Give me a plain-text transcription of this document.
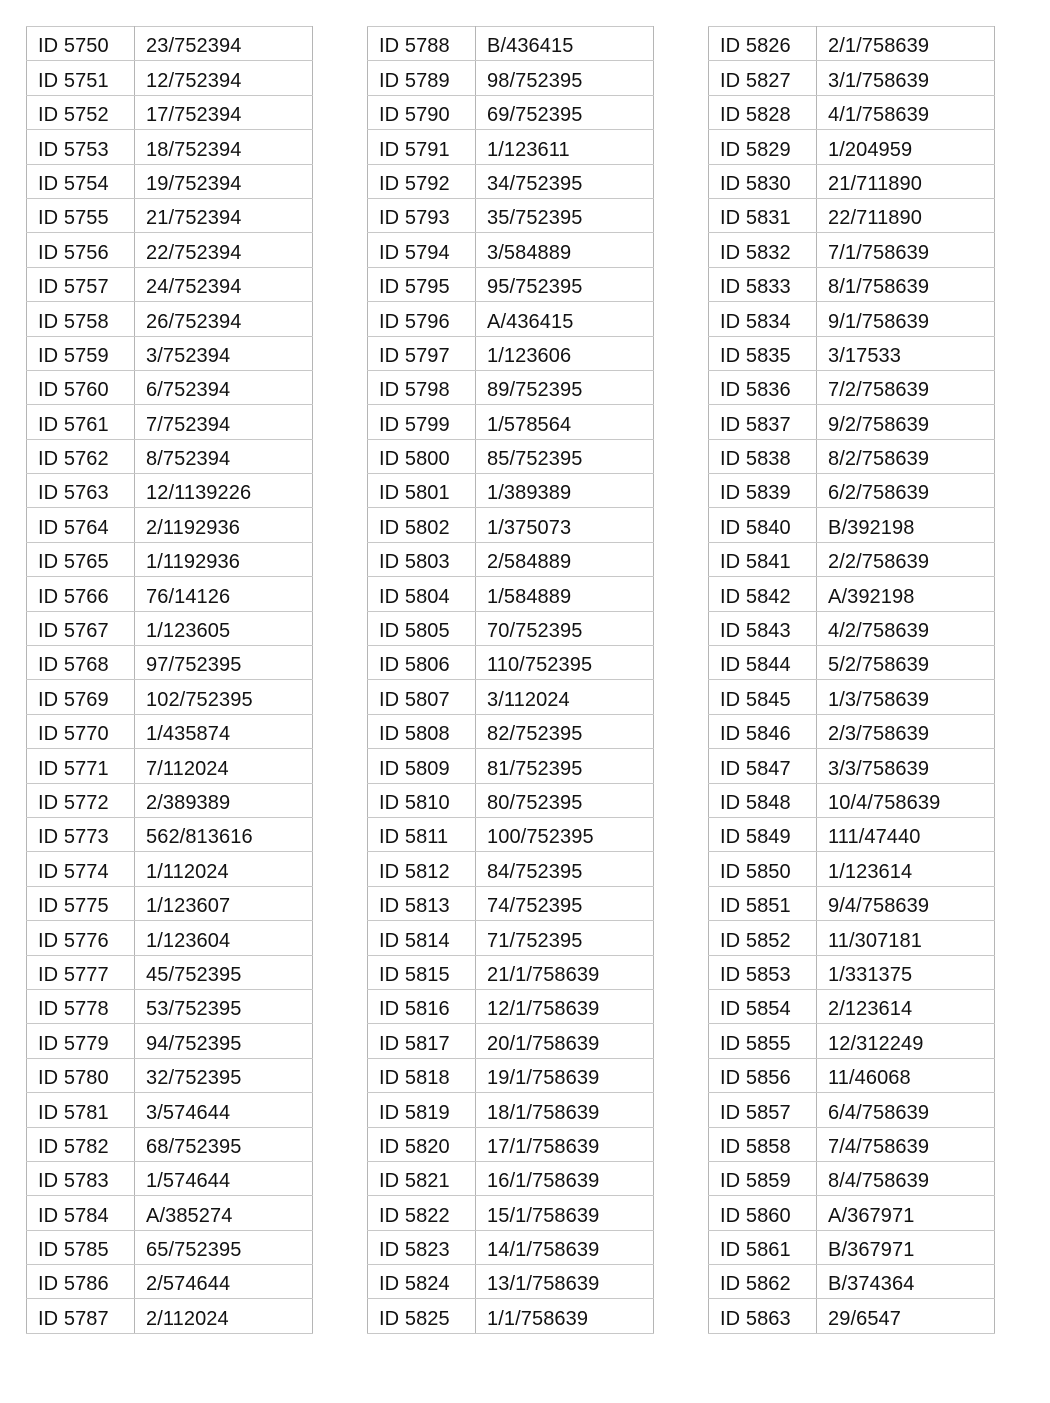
ID 5750	23/752394
ID 5751	12/752394
ID 5752	17/752394
ID 5753	18/752394
ID 5754	19/752394
ID 5755	21/752394
ID 5756	22/752394
ID 5757	24/752394
ID 5758	26/752394
ID 5759	3/752394
ID 5760	6/752394
ID 5761	7/752394
ID 5762	8/752394
ID 5763	12/1139226
ID 5764	2/1192936
ID 5765	1/1192936
ID 5766	76/14126
ID 5767	1/123605
ID 5768	97/752395
ID 5769	102/752395
ID 5770	1/435874
ID 5771	7/112024
ID 5772	2/389389
ID 5773	562/813616
ID 5774	1/112024
ID 5775	1/123607
ID 5776	1/123604
ID 5777	45/752395
ID 5778	53/752395
ID 5779	94/752395
ID 5780	32/752395
ID 5781	3/574644
ID 5782	68/752395
ID 5783	1/574644
ID 5784	A/385274
ID 5785	65/752395
ID 5786	2/574644
ID 5787	2/112024
ID 5788	B/436415
ID 5789	98/752395
ID 5790	69/752395
ID 5791	1/123611
ID 5792	34/752395
ID 5793	35/752395
ID 5794	3/584889
ID 5795	95/752395
ID 5796	A/436415
ID 5797	1/123606
ID 5798	89/752395
ID 5799	1/578564
ID 5800	85/752395
ID 5801	1/389389
ID 5802	1/375073
ID 5803	2/584889
ID 5804	1/584889
ID 5805	70/752395
ID 5806	110/752395
ID 5807	3/112024
ID 5808	82/752395
ID 5809	81/752395
ID 5810	80/752395
ID 5811	100/752395
ID 5812	84/752395
ID 5813	74/752395
ID 5814	71/752395
ID 5815	21/1/758639
ID 5816	12/1/758639
ID 5817	20/1/758639
ID 5818	19/1/758639
ID 5819	18/1/758639
ID 5820	17/1/758639
ID 5821	16/1/758639
ID 5822	15/1/758639
ID 5823	14/1/758639
ID 5824	13/1/758639
ID 5825	1/1/758639
ID 5826	2/1/758639
ID 5827	3/1/758639
ID 5828	4/1/758639
ID 5829	1/204959
ID 5830	21/711890
ID 5831	22/711890
ID 5832	7/1/758639
ID 5833	8/1/758639
ID 5834	9/1/758639
ID 5835	3/17533
ID 5836	7/2/758639
ID 5837	9/2/758639
ID 5838	8/2/758639
ID 5839	6/2/758639
ID 5840	B/392198
ID 5841	2/2/758639
ID 5842	A/392198
ID 5843	4/2/758639
ID 5844	5/2/758639
ID 5845	1/3/758639
ID 5846	2/3/758639
ID 5847	3/3/758639
ID 5848	10/4/758639
ID 5849	111/47440
ID 5850	1/123614
ID 5851	9/4/758639
ID 5852	11/307181
ID 5853	1/331375
ID 5854	2/123614
ID 5855	12/312249
ID 5856	11/46068
ID 5857	6/4/758639
ID 5858	7/4/758639
ID 5859	8/4/758639
ID 5860	A/367971
ID 5861	B/367971
ID 5862	B/374364
ID 5863	29/6547
